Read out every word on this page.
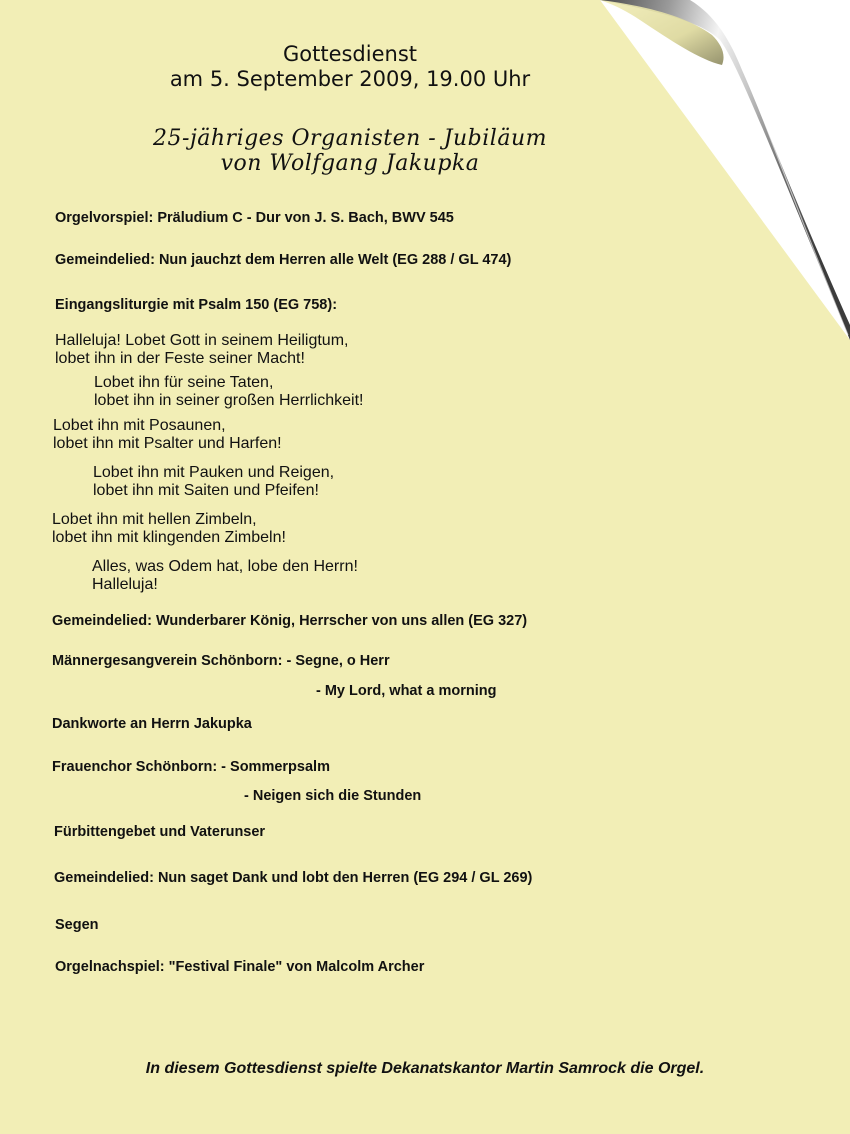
Gottesdienst
am 5. September 2009, 19.00 Uhr
25-jähriges Organisten - Jubiläum
von Wolfgang Jakupka
Orgelvorspiel: Präludium C - Dur von J. S. Bach, BWV 545
Gemeindelied: Nun jauchzt dem Herren alle Welt (EG 288 / GL 474)
Eingangsliturgie mit Psalm 150 (EG 758):
Halleluja! Lobet Gott in seinem Heiligtum,
lobet ihn in der Feste seiner Macht!
Lobet ihn für seine Taten,
lobet ihn in seiner großen Herrlichkeit!
Lobet ihn mit Posaunen,
lobet ihn mit Psalter und Harfen!
Lobet ihn mit Pauken und Reigen,
lobet ihn mit Saiten und Pfeifen!
Lobet ihn mit hellen Zimbeln,
lobet ihn mit klingenden Zimbeln!
Alles, was Odem hat, lobe den Herrn!
Halleluja!
Gemeindelied: Wunderbarer König, Herrscher von uns allen (EG 327)
Männergesangverein Schönborn: - Segne, o Herr
- My Lord, what a morning
Dankworte an Herrn Jakupka
Frauenchor Schönborn: - Sommerpsalm
- Neigen sich die Stunden
Fürbittengebet und Vaterunser
Gemeindelied: Nun saget Dank und lobt den Herren (EG 294 / GL 269)
Segen
Orgelnachspiel: "Festival Finale" von Malcolm Archer
In diesem Gottesdienst spielte Dekanatskantor Martin Samrock die Orgel.
